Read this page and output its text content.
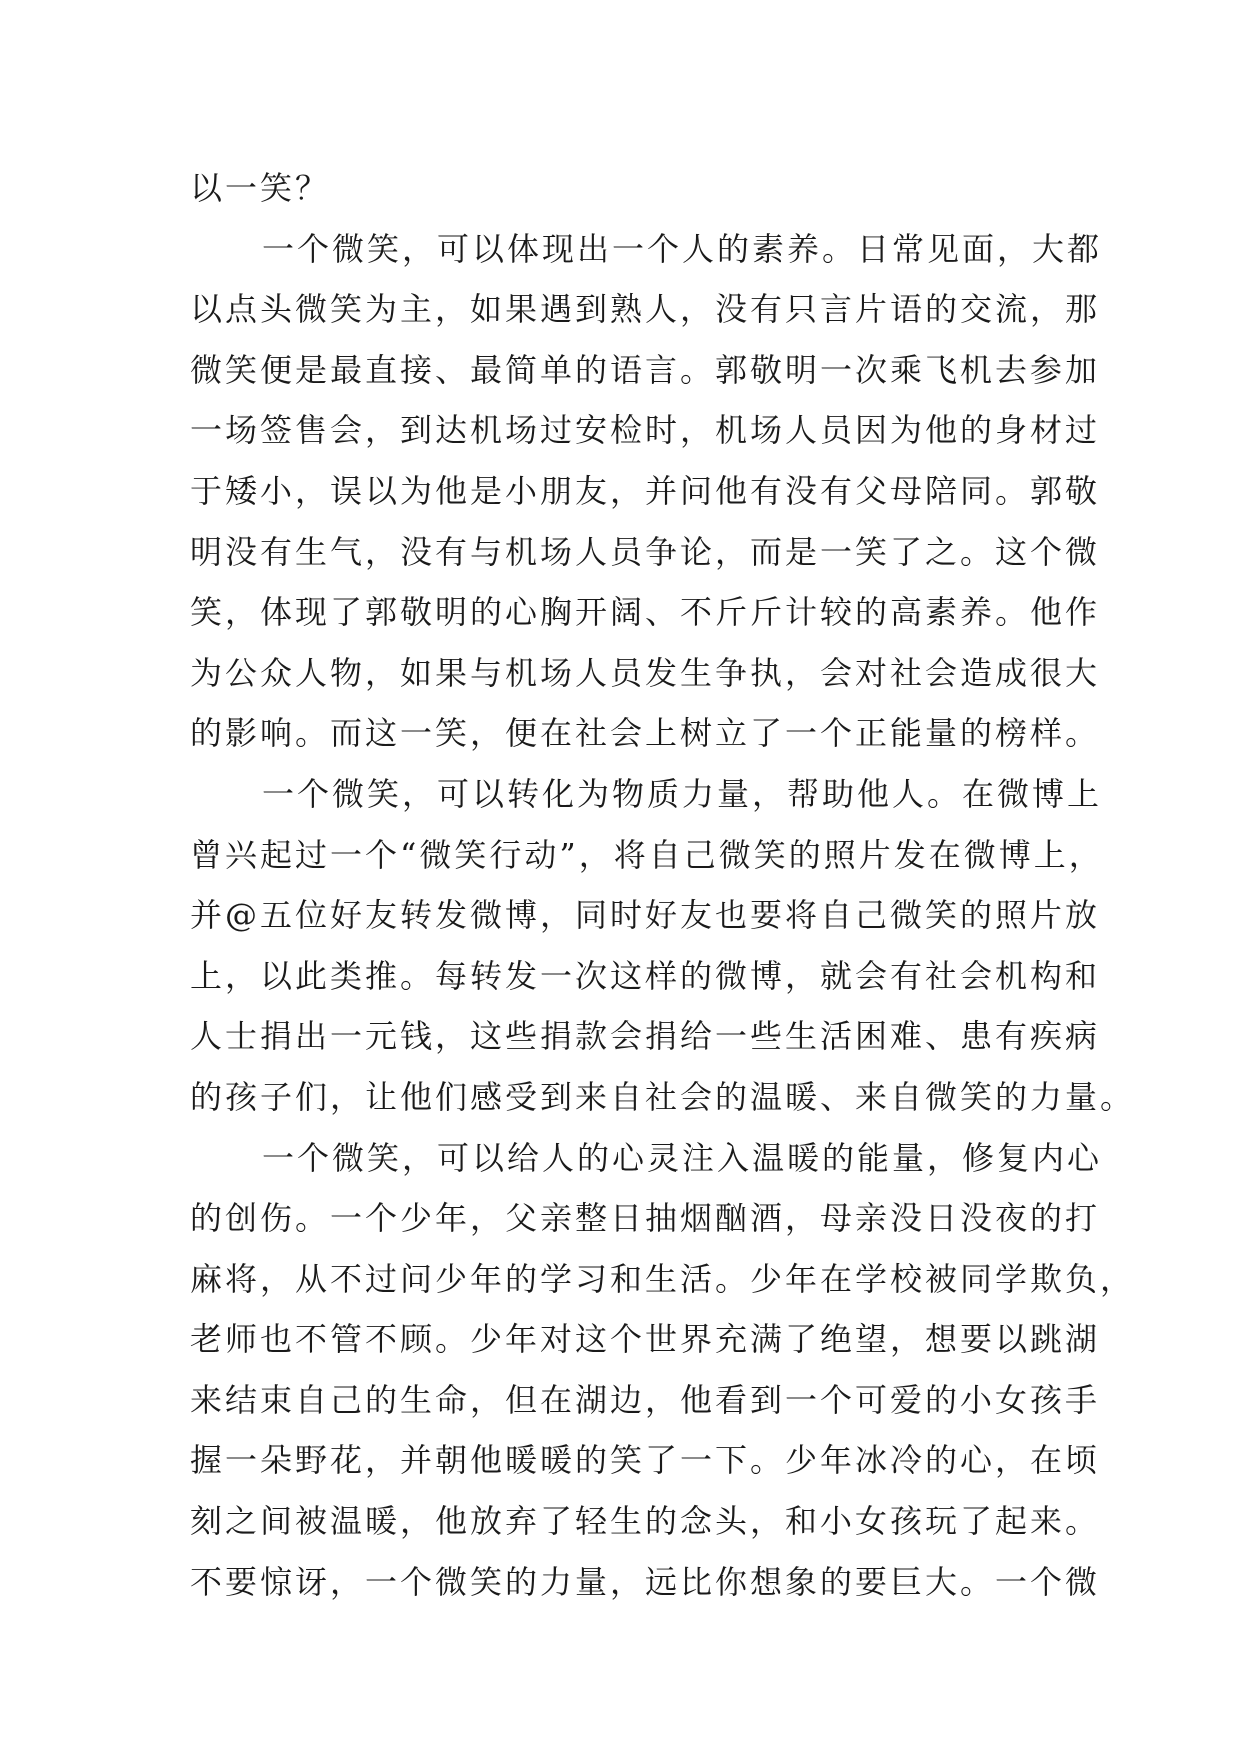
以一笑？
一个微笑，可以体现出一个人的素养。日常见面，大都
以点头微笑为主，如果遇到熟人，没有只言片语的交流，那
微笑便是最直接、最简单的语言。郭敬明一次乘飞机去参加
一场签售会，到达机场过安检时，机场人员因为他的身材过
于矮小，误以为他是小朋友，并问他有没有父母陪同。郭敬
明没有生气，没有与机场人员争论，而是一笑了之。这个微
笑，体现了郭敬明的心胸开阔、不斤斤计较的高素养。他作
为公众人物，如果与机场人员发生争执，会对社会造成很大
的影响。而这一笑，便在社会上树立了一个正能量的榜样。
一个微笑，可以转化为物质力量，帮助他人。在微博上
曾兴起过一个“微笑行动”，将自己微笑的照片发在微博上，
并@五位好友转发微博，同时好友也要将自己微笑的照片放
上，以此类推。每转发一次这样的微博，就会有社会机构和
人士捐出一元钱，这些捐款会捐给一些生活困难、患有疾病
的孩子们，让他们感受到来自社会的温暖、来自微笑的力量。
一个微笑，可以给人的心灵注入温暖的能量，修复内心
的创伤。一个少年，父亲整日抽烟酗酒，母亲没日没夜的打
麻将，从不过问少年的学习和生活。少年在学校被同学欺负，
老师也不管不顾。少年对这个世界充满了绝望，想要以跳湖
来结束自己的生命，但在湖边，他看到一个可爱的小女孩手
握一朵野花，并朝他暖暖的笑了一下。少年冰冷的心，在顷
刻之间被温暖，他放弃了轻生的念头，和小女孩玩了起来。
不要惊讶，一个微笑的力量，远比你想象的要巨大。一个微
